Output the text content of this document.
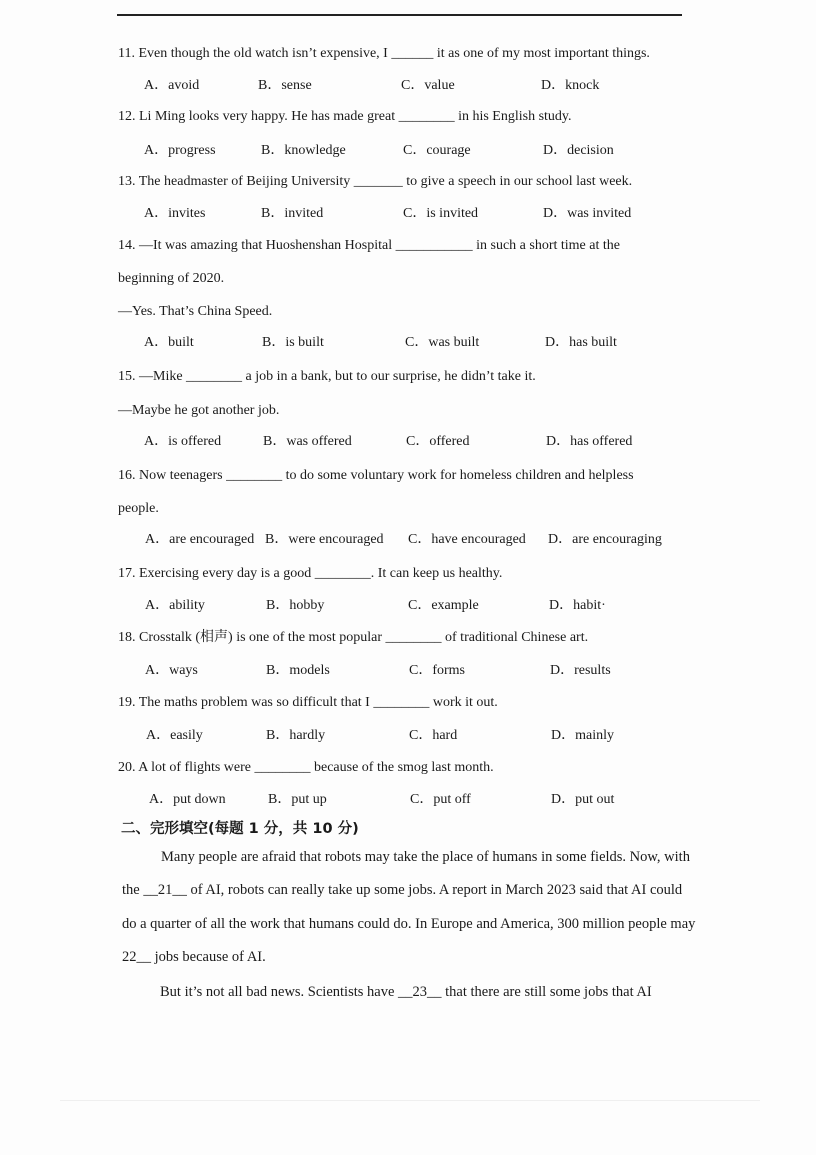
11. Even though the old watch isn’t expensive, I ______ it as one of my most important things.
A．avoid	B．sense	C．value	D．knock
12. Li Ming looks very happy. He has made great ________ in his English study.
A．progress	B．knowledge	C．courage	D．decision
13. The headmaster of Beijing University _______ to give a speech in our school last week.
A．invites	B．invited	C．is invited	D．was invited
14. —It was amazing that Huoshenshan Hospital ___________ in such a short time at the
beginning of 2020.
—Yes. That’s China Speed.
A．built	B．is built	C．was built	D．has built
15. —Mike ________ a job in a bank, but to our surprise, he didn’t take it.
—Maybe he got another job.
A．is offered	B．was offered	C．offered	D．has offered
16. Now teenagers ________ to do some voluntary work for homeless children and helpless
people.
A．are encouraged B．were encouraged C．have encouraged D．are encouraging
17. Exercising every day is a good ________. It can keep us healthy.
A．ability	B．hobby	C．example	D．habit·
18. Crosstalk (相声) is one of the most popular ________ of traditional Chinese art.
A．ways	B．models	C．forms	D．results
19. The maths problem was so difficult that I ________ work it out.
A．easily	B．hardly	C．hard	D．mainly
20. A lot of flights were ________ because of the smog last month.
A．put down	B．put up	C．put off	D．put out
二、完形填空(每题 1 分，共 10 分)
Many people are afraid that robots may take the place of humans in some fields. Now, with
the __21__ of AI, robots can really take up some jobs. A report in March 2023 said that AI could
do a quarter of all the work that humans could do. In Europe and America, 300 million people may
22__ jobs because of AI.
But it’s not all bad news. Scientists have __23__ that there are still some jobs that AI
